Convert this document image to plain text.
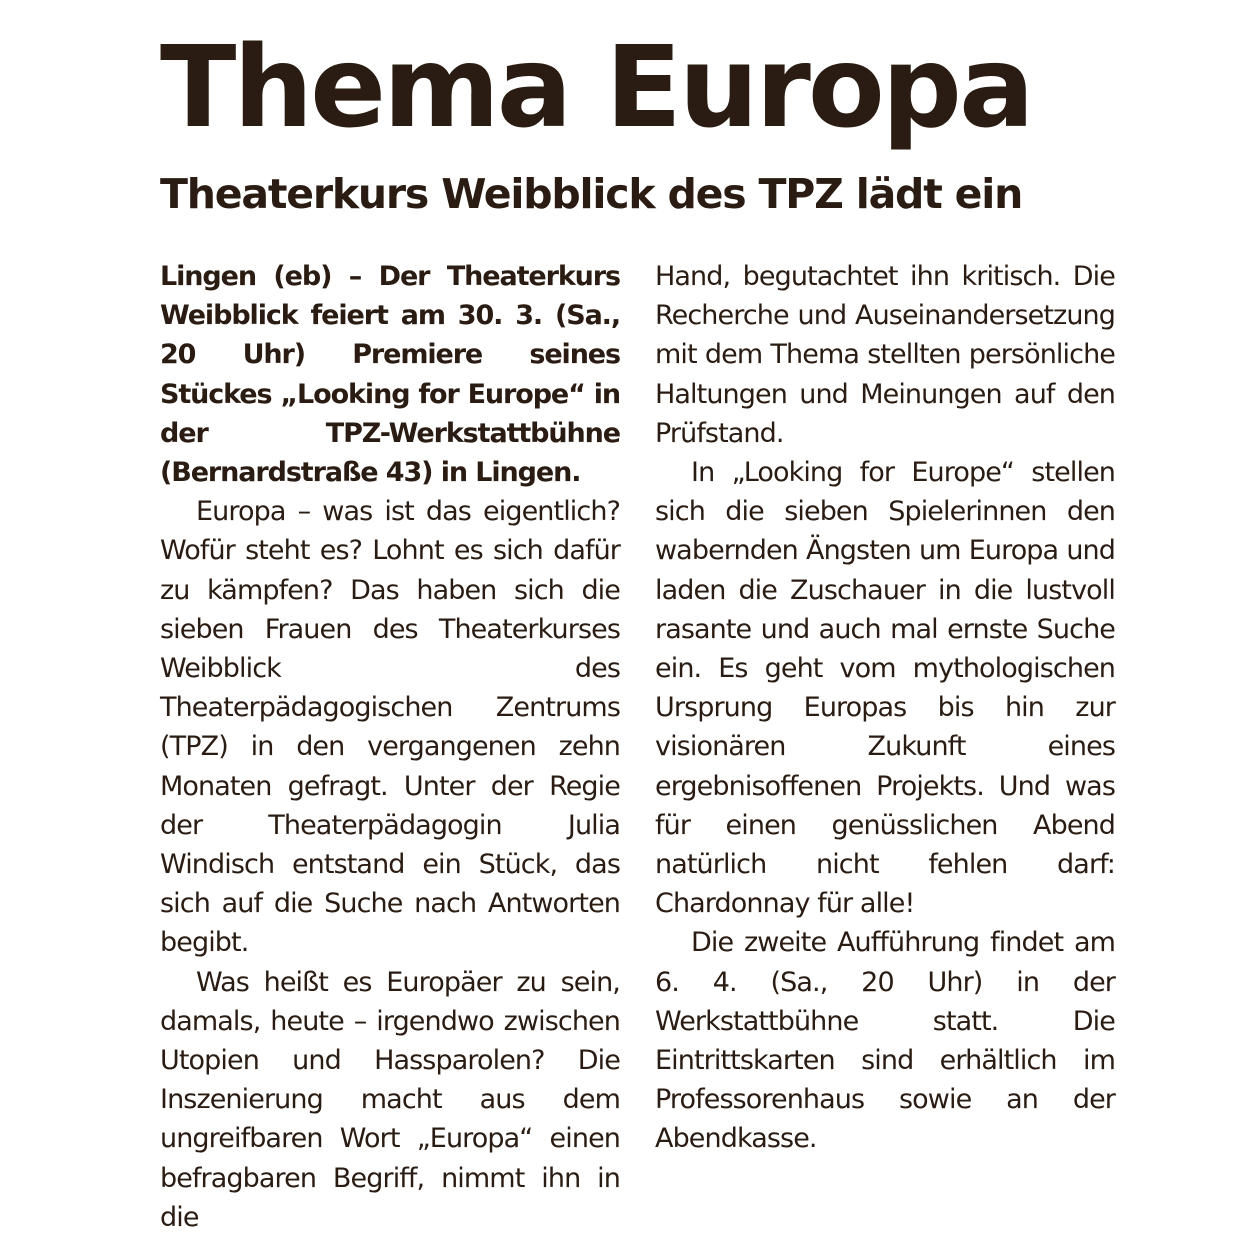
Thema Europa
Theaterkurs Weibblick des TPZ lädt ein

Lingen (eb) – Der Theaterkurs Weibblick feiert am 30. 3. (Sa., 20 Uhr) Premiere seines Stückes „Looking for Europe“ in der TPZ-Werkstattbühne (Bernardstraße 43) in Lingen.

Europa – was ist das eigentlich? Wofür steht es? Lohnt es sich dafür zu kämpfen? Das haben sich die sieben Frauen des Theaterkurses Weibblick des Theaterpädagogischen Zentrums (TPZ) in den vergangenen zehn Monaten gefragt. Unter der Regie der Theaterpädagogin Julia Windisch entstand ein Stück, das sich auf die Suche nach Antworten begibt.

Was heißt es Europäer zu sein, damals, heute – irgendwo zwischen Utopien und Hassparolen? Die Inszenierung macht aus dem ungreifbaren Wort „Europa“ einen befragbaren Begriff, nimmt ihn in die

Hand, begutachtet ihn kritisch. Die Recherche und Auseinandersetzung mit dem Thema stellten persönliche Haltungen und Meinungen auf den Prüfstand.

In „Looking for Europe“ stellen sich die sieben Spielerinnen den wabernden Ängsten um Europa und laden die Zuschauer in die lustvoll rasante und auch mal ernste Suche ein. Es geht vom mythologischen Ursprung Europas bis hin zur visionären Zukunft eines ergebnisoffenen Projekts. Und was für einen genüsslichen Abend natürlich nicht fehlen darf: Chardonnay für alle!

Die zweite Aufführung findet am 6. 4. (Sa., 20 Uhr) in der Werkstattbühne statt. Die Eintrittskarten sind erhältlich im Professorenhaus sowie an der Abendkasse.
